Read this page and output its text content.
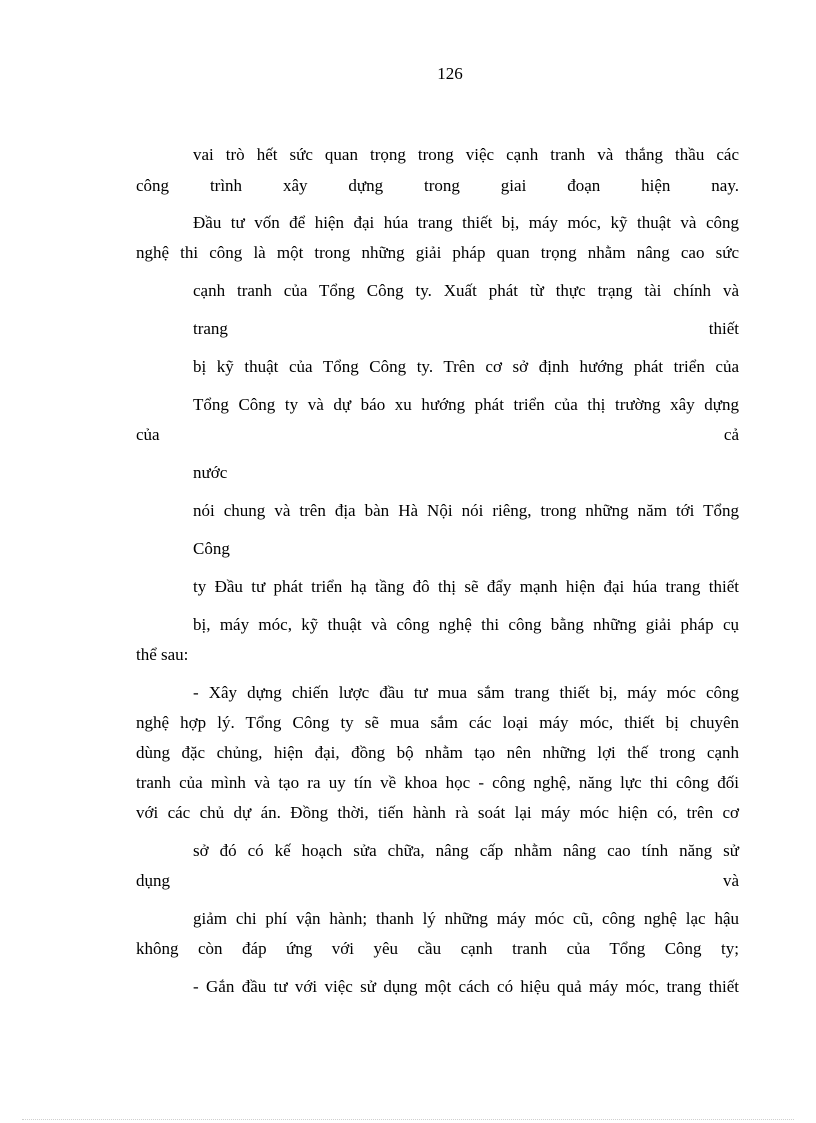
126

vai trò hết sức quan trọng trong việc cạnh tranh và thắng thầu các

công trình xây dựng trong giai đoạn hiện nay.

Đầu tư vốn để hiện đại húa trang thiết bị, máy móc, kỹ thuật và công

nghệ thi công là một trong những giải pháp quan trọng nhằm nâng cao sức

cạnh tranh của Tổng Công ty. Xuất phát từ thực trạng tài chính và

trang thiết

bị kỹ thuật của Tổng Công ty. Trên cơ sở định hướng phát triển của

Tổng Công ty và dự báo xu hướng phát triển của thị trường xây dựng

của cả

nước

nói chung và trên địa bàn Hà Nội nói riêng, trong những năm tới Tổng

Công

ty Đầu tư phát triển hạ tầng đô thị sẽ đẩy mạnh hiện đại húa trang thiết

bị, máy móc, kỹ thuật và công nghệ thi công bằng những giải pháp cụ

thể sau:

- Xây dựng chiến lược đầu tư mua sắm trang thiết bị, máy móc công

nghệ hợp lý. Tổng Công ty sẽ mua sắm các loại máy móc, thiết bị chuyên

dùng đặc chủng, hiện đại, đồng bộ nhằm tạo nên những lợi thế trong cạnh

tranh của mình và tạo ra uy tín về khoa học - công nghệ, năng lực thi công đối

với các chủ dự án. Đồng thời, tiến hành rà soát lại máy móc hiện có, trên cơ

sở đó có kế hoạch sửa chữa, nâng cấp nhằm nâng cao tính năng sử

dụng và

giảm chi phí vận hành; thanh lý những máy móc cũ, công nghệ lạc hậu

không còn đáp ứng với yêu cầu cạnh tranh của Tổng Công ty;

- Gắn đầu tư với việc sử dụng một cách có hiệu quả máy móc, trang thiết
